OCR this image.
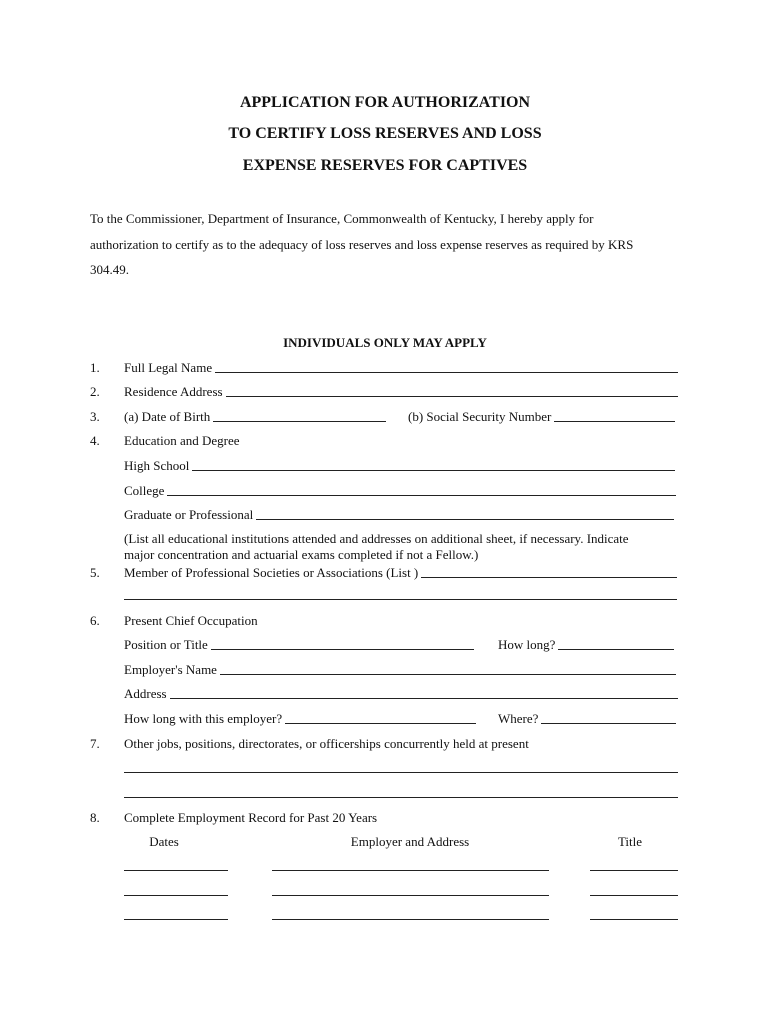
APPLICATION FOR AUTHORIZATION
TO CERTIFY LOSS RESERVES AND LOSS
EXPENSE RESERVES FOR CAPTIVES
To the Commissioner, Department of Insurance, Commonwealth of Kentucky, I hereby apply for
authorization to certify as to the adequacy of loss reserves and loss expense reserves as required by KRS
304.49.
INDIVIDUALS ONLY MAY APPLY
1. Full Legal Name
2. Residence Address
3. (a) Date of Birth	(b) Social Security Number
4. Education and Degree
High School
College
Graduate or Professional
(List all educational institutions attended and addresses on additional sheet, if necessary. Indicate
major concentration and actuarial exams completed if not a Fellow.)
5. Member of Professional Societies or Associations (List )
6. Present Chief Occupation
Position or Title	How long?
Employer's Name
Address
How long with this employer?	Where?
7. Other jobs, positions, directorates, or officerships concurrently held at present
8. Complete Employment Record for Past 20 Years
Dates	Employer and Address	Title
